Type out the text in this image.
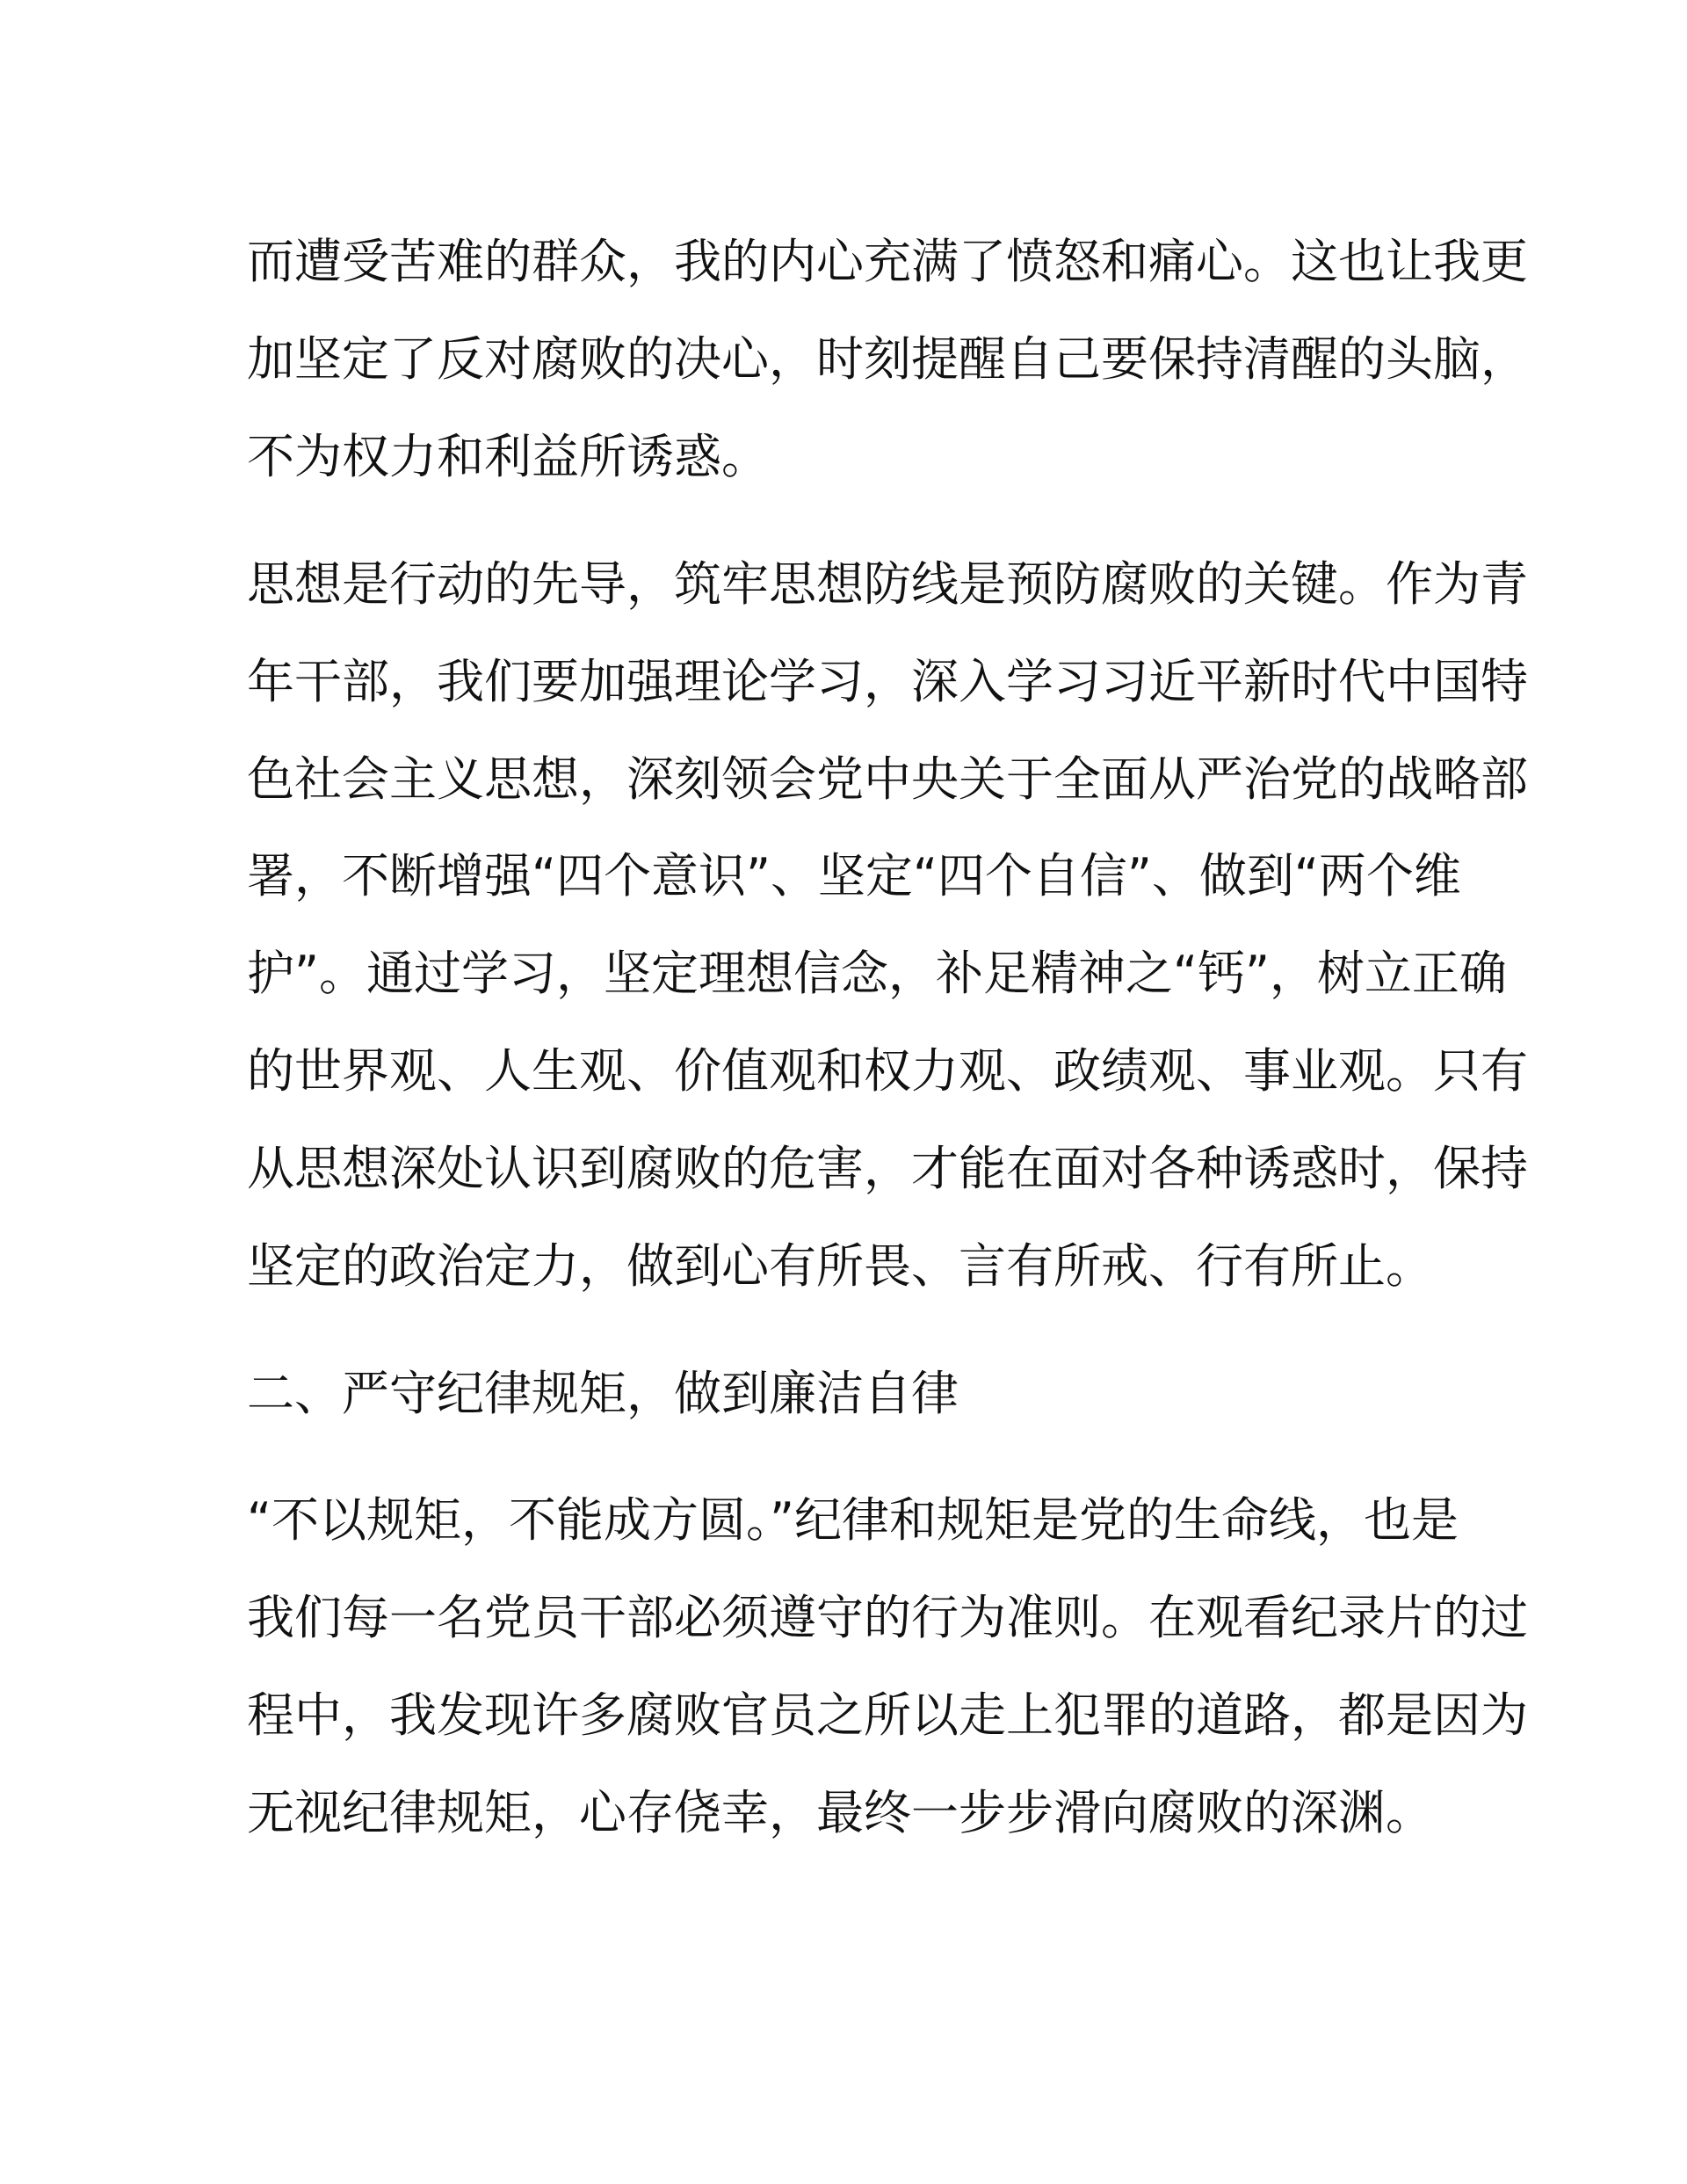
而遭受苦难的群众，我的内心充满了愤怒和痛心。这也让我更
加坚定了反对腐败的决心，时刻提醒自己要保持清醒的头脑，
不为权力和利益所诱惑。
思想是行动的先导，筑牢思想防线是预防腐败的关键。作为青
年干部，我们要加强理论学习，深入学习习近平新时代中国特
色社会主义思想，深刻领会党中央关于全面从严治党的战略部
署，不断增强“四个意识”、坚定“四个自信”、做到“两个维
护”。通过学习，坚定理想信念，补足精神之“钙”，树立正确
的世界观、人生观、价值观和权力观、政绩观、事业观。只有
从思想深处认识到腐败的危害，才能在面对各种诱惑时，保持
坚定的政治定力，做到心有所畏、言有所戒、行有所止。
二、严守纪律规矩，做到廉洁自律
“不以规矩，不能成方圆。”纪律和规矩是党的生命线，也是
我们每一名党员干部必须遵守的行为准则。在观看纪录片的过
程中，我发现许多腐败官员之所以走上犯罪的道路，都是因为
无视纪律规矩，心存侥幸，最终一步步滑向腐败的深渊。
